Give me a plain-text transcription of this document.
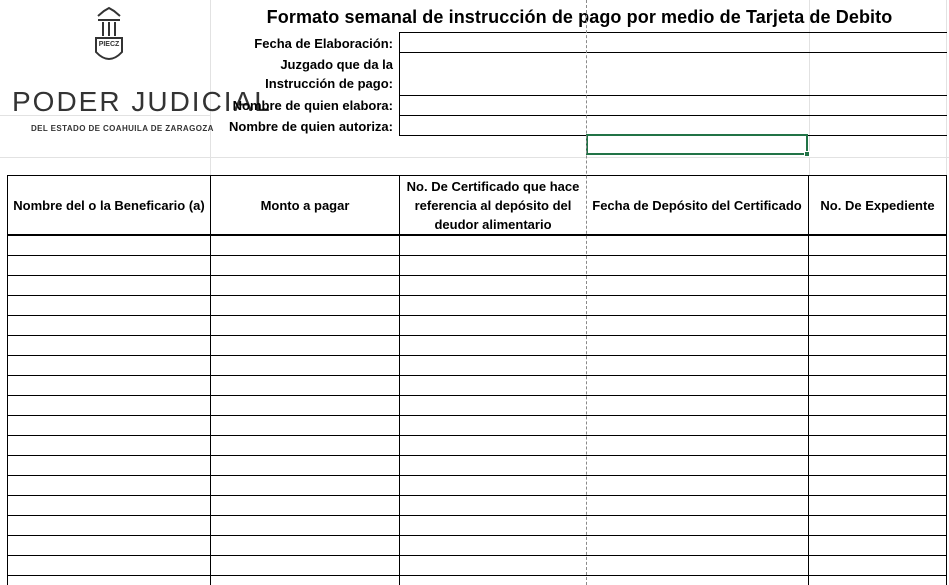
PIECZ
PODER JUDICIAL
DEL ESTADO DE COAHUILA DE ZARAGOZA
Formato semanal de instrucción de pago por medio de Tarjeta de Debito
Fecha de Elaboración:
Juzgado que da la Instrucción de pago:
Nombre de quien elabora:
Nombre de quien autoriza:
Nombre del o la Beneficario (a)	Monto a pagar
No. De Certificado que hace referencia al depósito del deudor alimentario
Fecha de Depósito del Certificado	No. De Expediente
